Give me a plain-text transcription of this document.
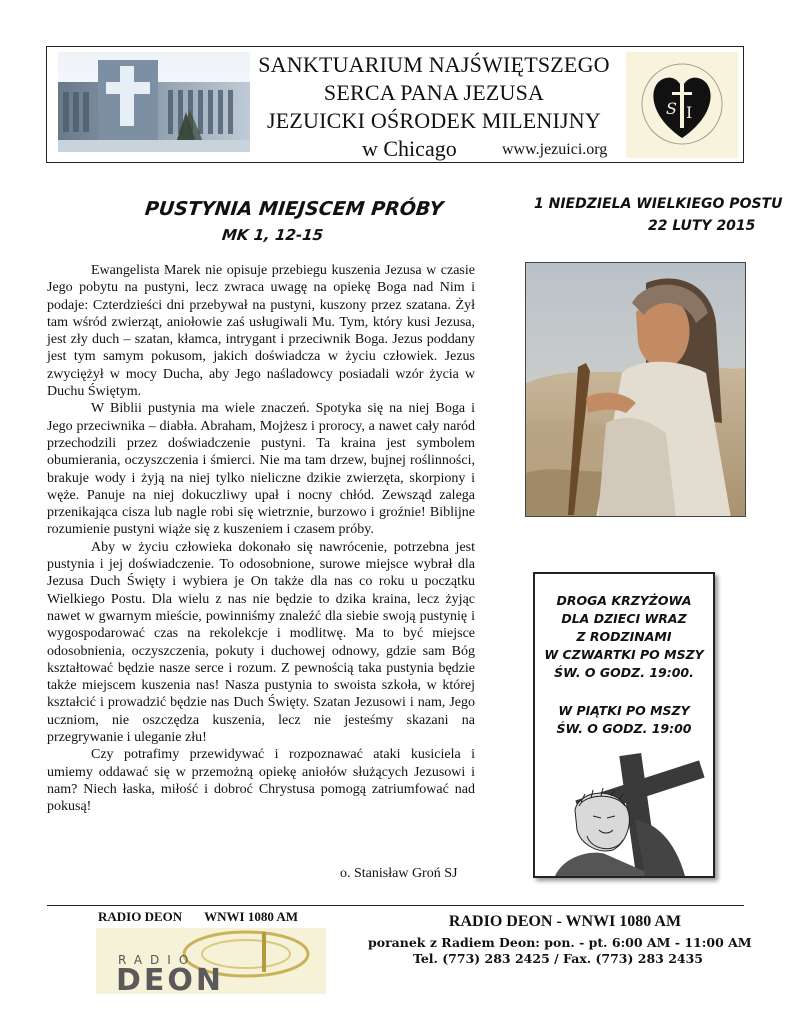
SANKTUARIUM NAJŚWIĘTSZEGO
SERCA PANA JEZUSA
JEZUICKI OŚRODEK MILENIJNY
w Chicago	www.jezuici.org
S I
PUSTYNIA MIEJSCEM PRÓBY
MK 1, 12-15
1 NIEDZIELA WIELKIEGO POSTU
22 LUTY 2015

Ewangelista Marek nie opisuje przebiegu kuszenia Jezusa w czasie Jego pobytu na pustyni, lecz zwraca uwagę na opiekę Boga nad Nim i podaje: Czterdzieści dni przebywał na pustyni, kuszony przez szatana. Żył tam wśród zwierząt, aniołowie zaś usługiwali Mu. Tym, który kusi Jezusa, jest zły duch – szatan, kłamca, intrygant i przeciwnik Boga. Jezus poddany jest tym samym pokusom, jakich doświadcza w życiu człowiek. Jezus zwyciężył w mocy Ducha, aby Jego naśladowcy posiadali wzór życia w Duchu Świętym.

W Biblii pustynia ma wiele znaczeń. Spotyka się na niej Boga i Jego przeciwnika – diabła. Abraham, Mojżesz i prorocy, a nawet cały naród przechodzili przez doświadczenie pustyni. Ta kraina jest symbolem obumierania, oczyszczenia i śmierci. Nie ma tam drzew, bujnej roślinności, brakuje wody i żyją na niej tylko nieliczne dzikie zwierzęta, skorpiony i węże. Panuje na niej dokuczliwy upał i nocny chłód. Zewsząd zalega przenikająca cisza lub nagle robi się wietrznie, burzowo i groźnie! Biblijne rozumienie pustyni wiąże się z kuszeniem i czasem próby.

Aby w życiu człowieka dokonało się nawrócenie, potrzebna jest pustynia i jej doświadczenie. To odosobnione, surowe miejsce wybrał dla Jezusa Duch Święty i wybiera je On także dla nas co roku u początku Wielkiego Postu. Dla wielu z nas nie będzie to dzika kraina, lecz żyjąc nawet w gwarnym mieście, powinniśmy znaleźć dla siebie swoją pustynię i wygospodarować czas na rekolekcje i modlitwę. Ma to być miejsce odosobnienia, oczyszczenia, pokuty i duchowej odnowy, gdzie sam Bóg kształtować będzie nasze serce i rozum. Z pewnością taka pustynia będzie także miejscem kuszenia nas! Nasza pustynia to swoista szkoła, w której kształcić i prowadzić będzie nas Duch Święty. Szatan Jezusowi i nam, Jego uczniom, nie oszczędza kuszenia, lecz nie jesteśmy skazani na przegrywanie i uleganie złu!

Czy potrafimy przewidywać i rozpoznawać ataki kusiciela i umiemy oddawać się w przemożną opiekę aniołów służących Jezusowi i nam? Niech łaska, miłość i dobroć Chrystusa pomogą zatriumfować nad pokusą!

o. Stanisław Groń SJ
DROGA KRZYŻOWA
DLA DZIECI WRAZ
Z RODZINAMI
W CZWARTKI PO MSZY
ŚW. O GODZ. 19:00.
W PIĄTKI PO MSZY
ŚW. O GODZ. 19:00
RADIO DEON WNWI 1080 AM
RADIO
DEON
RADIO DEON - WNWI 1080 AM
poranek z Radiem Deon: pon. - pt. 6:00 AM - 11:00 AM
Tel. (773) 283 2425 / Fax. (773) 283 2435
